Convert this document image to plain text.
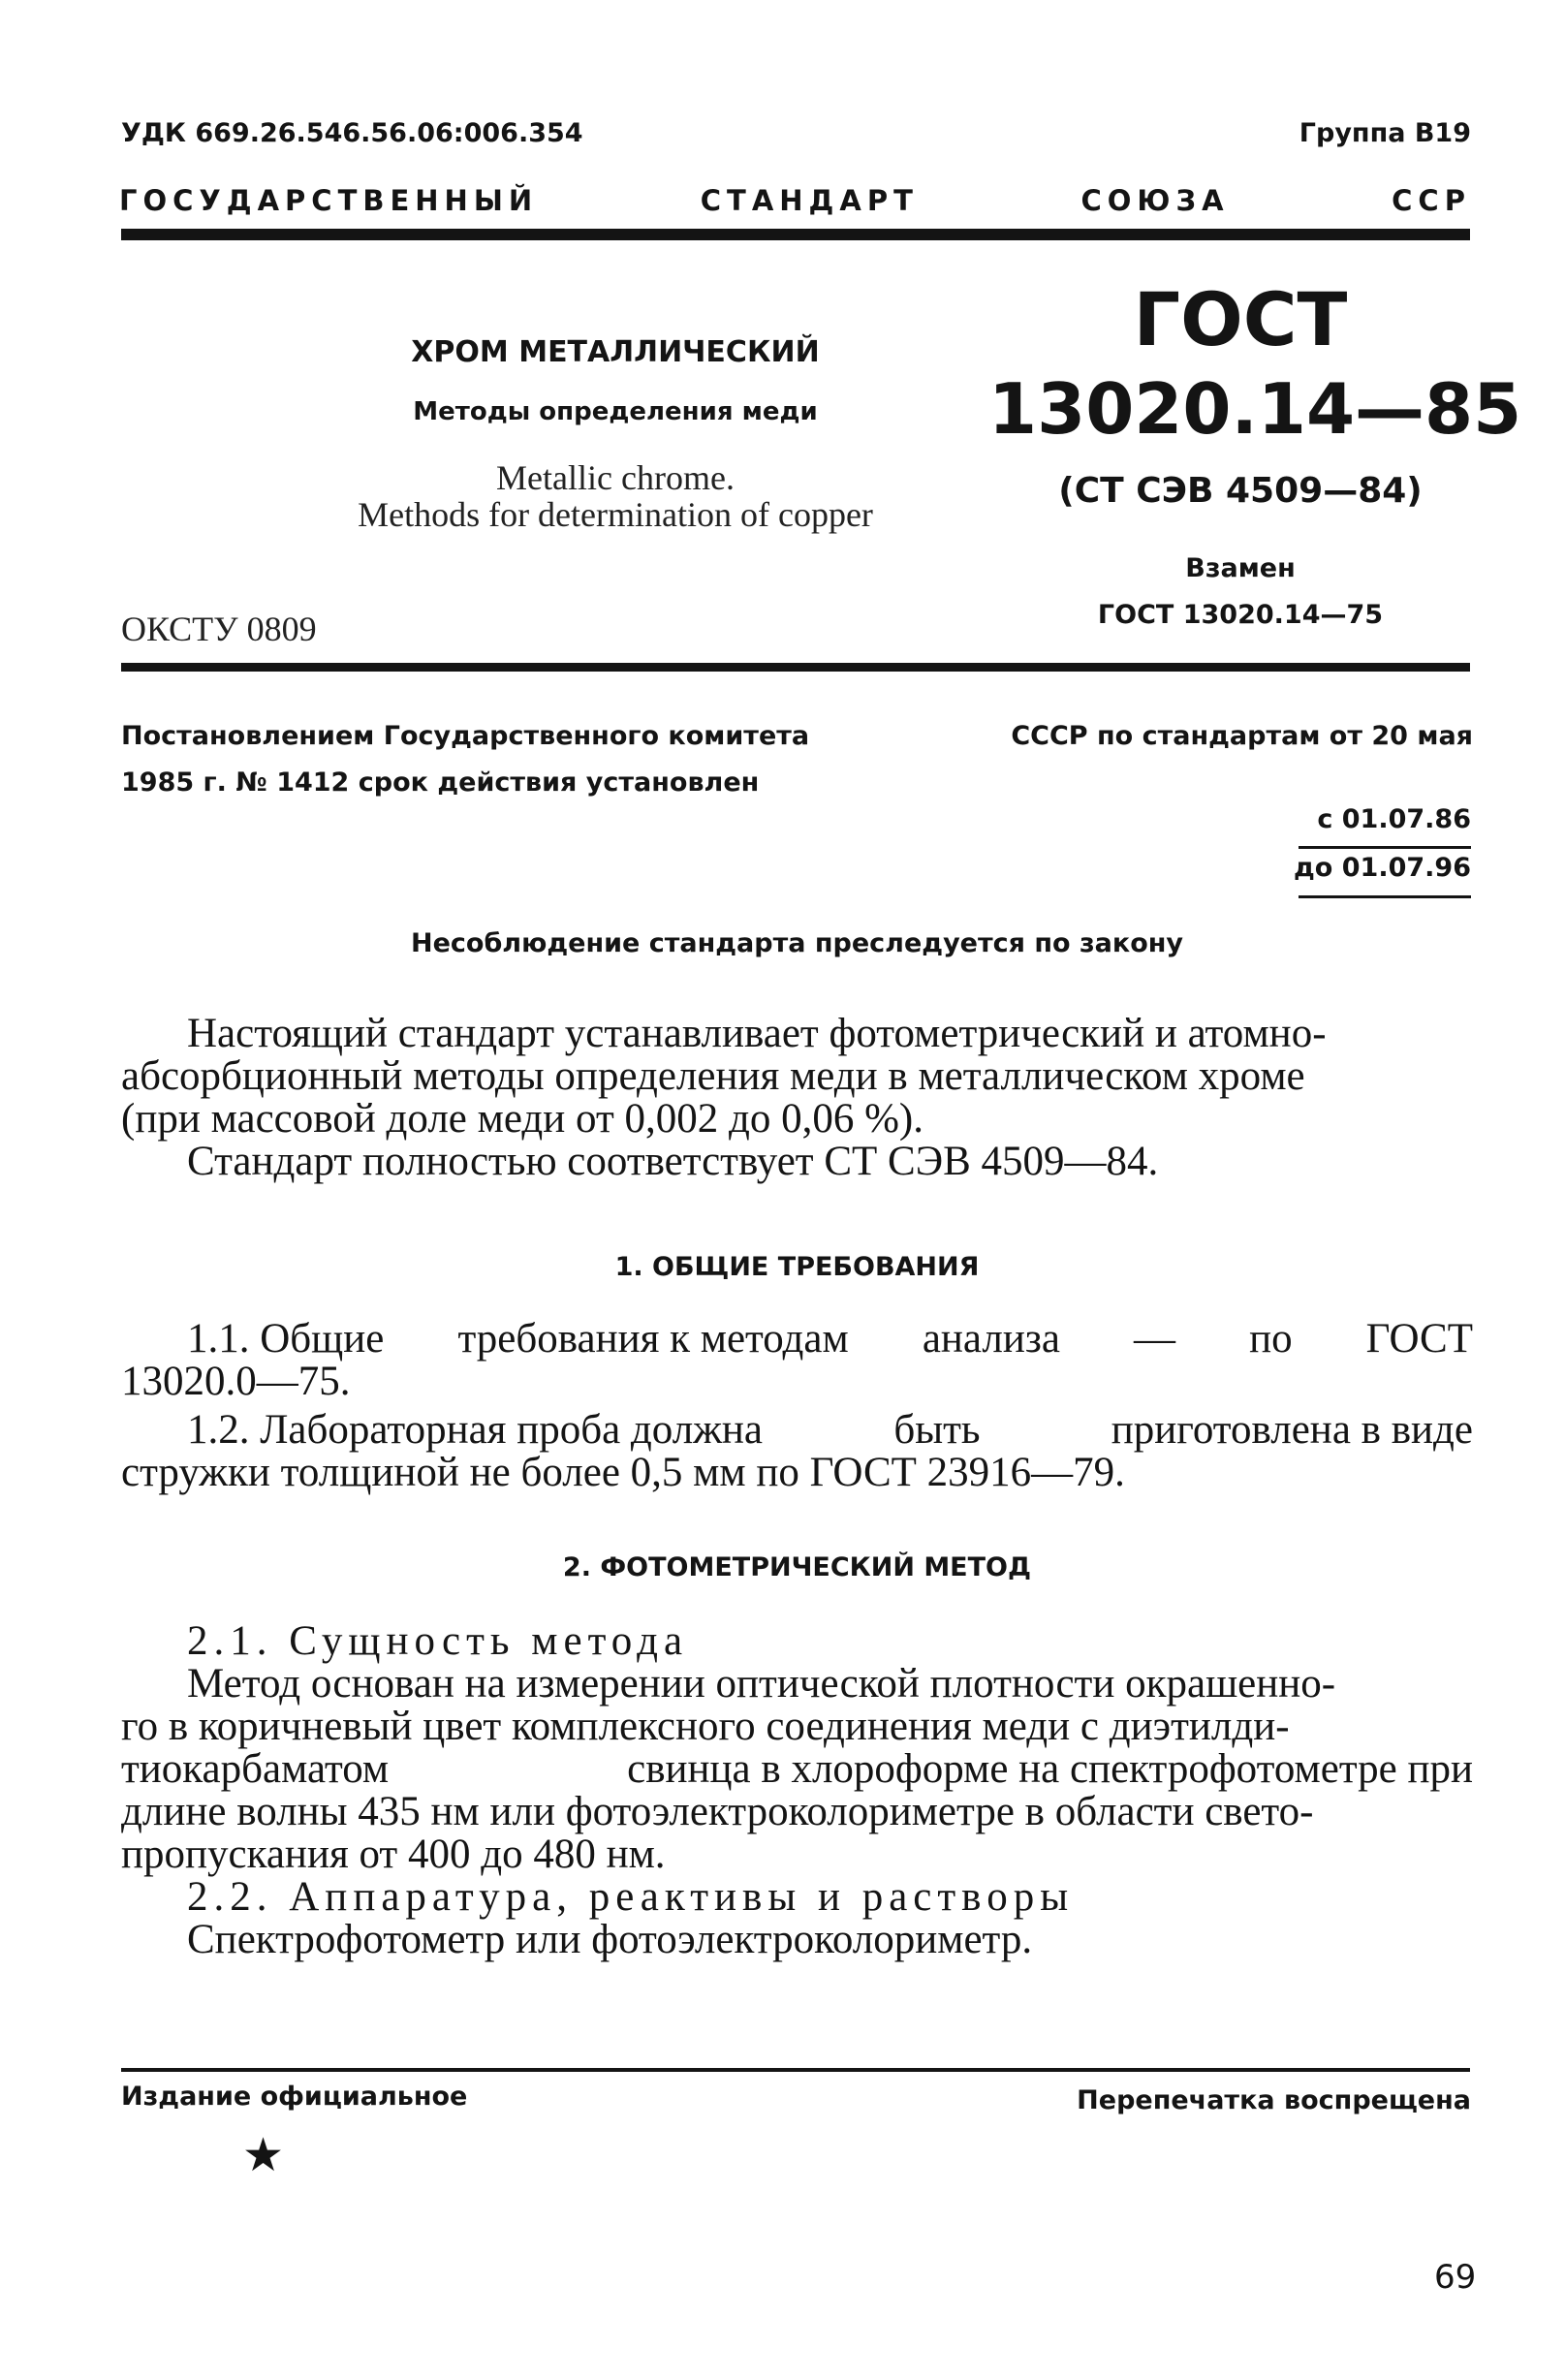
УДК 669.26.546.56.06:006.354	Группа В19
ГОСУДАРСТВЕННЫЙ	СТАНДАРТ	СОЮЗА	ССР
ХРОМ МЕТАЛЛИЧЕСКИЙ
Методы определения меди
Metallic chrome.
Methods for determination of copper
ГОСТ
13020.14—85
(СТ СЭВ 4509—84)
Взамен
ГОСТ 13020.14—75
ОКСТУ 0809
Постановлением Государственного комитета	СССР по стандартам от 20 мая
1985 г. № 1412 срок действия установлен
с 01.07.86
до 01.07.96
Несоблюдение стандарта преследуется по закону
Настоящий стандарт устанавливает фотометрический и атомно-
абсорбционный методы определения меди в металлическом хроме
(при массовой доле меди от 0,002 до 0,06 %).
Стандарт полностью соответствует СТ СЭВ 4509—84.
1. ОБЩИЕ ТРЕБОВАНИЯ
1.1. Общие требования к методам анализа — по ГОСТ
13020.0—75.
1.2. Лабораторная проба должна	быть	приготовлена в виде
стружки толщиной не более 0,5 мм по ГОСТ 23916—79.
2. ФОТОМЕТРИЧЕСКИЙ МЕТОД
2.1. Сущность метода
Метод основан на измерении оптической плотности окрашенно-
го в коричневый цвет комплексного соединения меди с диэтилди-
тиокарбаматом	свинца в хлороформе на спектрофотометре при
длине волны 435 нм или фотоэлектроколориметре в области свето-
пропускания от 400 до 480 нм.
2.2. Аппаратура, реактивы и растворы
Спектрофотометр или фотоэлектроколориметр.
Издание официальное	Перепечатка воспрещена
★
69
